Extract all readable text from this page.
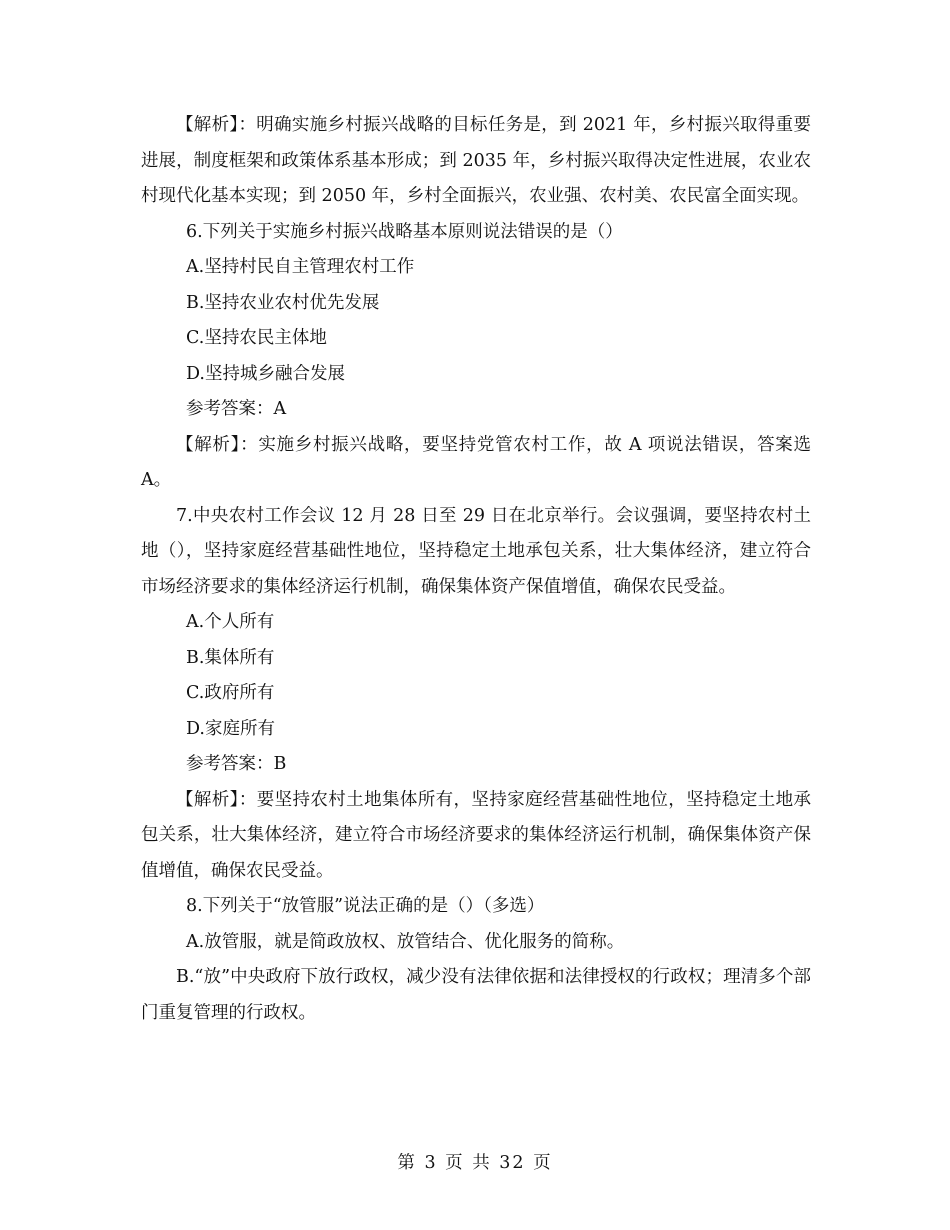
【解析】：明确实施乡村振兴战略的目标任务是，到 2021 年，乡村振兴取得重要进展，制度框架和政策体系基本形成；到 2035 年，乡村振兴取得决定性进展，农业农村现代化基本实现；到 2050 年，乡村全面振兴，农业强、农村美、农民富全面实现。

6.下列关于实施乡村振兴战略基本原则说法错误的是（）

A.坚持村民自主管理农村工作

B.坚持农业农村优先发展

C.坚持农民主体地

D.坚持城乡融合发展

参考答案：A

【解析】：实施乡村振兴战略，要坚持党管农村工作，故 A 项说法错误，答案选 A。

7.中央农村工作会议 12 月 28 日至 29 日在北京举行。会议强调，要坚持农村土地（），坚持家庭经营基础性地位，坚持稳定土地承包关系，壮大集体经济，建立符合市场经济要求的集体经济运行机制，确保集体资产保值增值，确保农民受益。

A.个人所有

B.集体所有

C.政府所有

D.家庭所有

参考答案：B

【解析】：要坚持农村土地集体所有，坚持家庭经营基础性地位，坚持稳定土地承包关系，壮大集体经济，建立符合市场经济要求的集体经济运行机制，确保集体资产保值增值，确保农民受益。

8.下列关于“放管服”说法正确的是（）（多选）

A.放管服，就是简政放权、放管结合、优化服务的简称。

B.“放”中央政府下放行政权，减少没有法律依据和法律授权的行政权；理清多个部门重复管理的行政权。

第 3 页 共 32 页
